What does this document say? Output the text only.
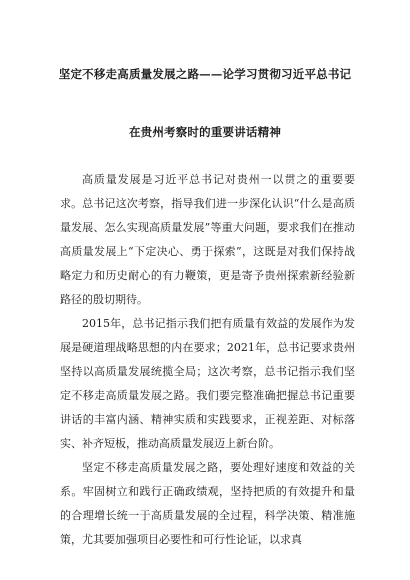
坚定不移走高质量发展之路——论学习贯彻习近平总书记
在贵州考察时的重要讲话精神

高质量发展是习近平总书记对贵州一以贯之的重要要求。总书记这次考察，指导我们进一步深化认识“什么是高质量发展、怎么实现高质量发展”等重大问题，要求我们在推动高质量发展上“下定决心、勇于探索”，这既是对我们保持战略定力和历史耐心的有力鞭策，更是寄予贵州探索新经验新路径的殷切期待。

2015年，总书记指示我们把有质量有效益的发展作为发展是硬道理战略思想的内在要求；2021年，总书记要求贵州坚持以高质量发展统揽全局；这次考察，总书记指示我们坚定不移走高质量发展之路。我们要完整准确把握总书记重要讲话的丰富内涵、精神实质和实践要求，正视差距、对标落实、补齐短板，推动高质量发展迈上新台阶。

坚定不移走高质量发展之路，要处理好速度和效益的关系。牢固树立和践行正确政绩观，坚持把质的有效提升和量的合理增长统一于高质量发展的全过程，科学决策、精准施策，尤其要加强项目必要性和可行性论证，以求真
